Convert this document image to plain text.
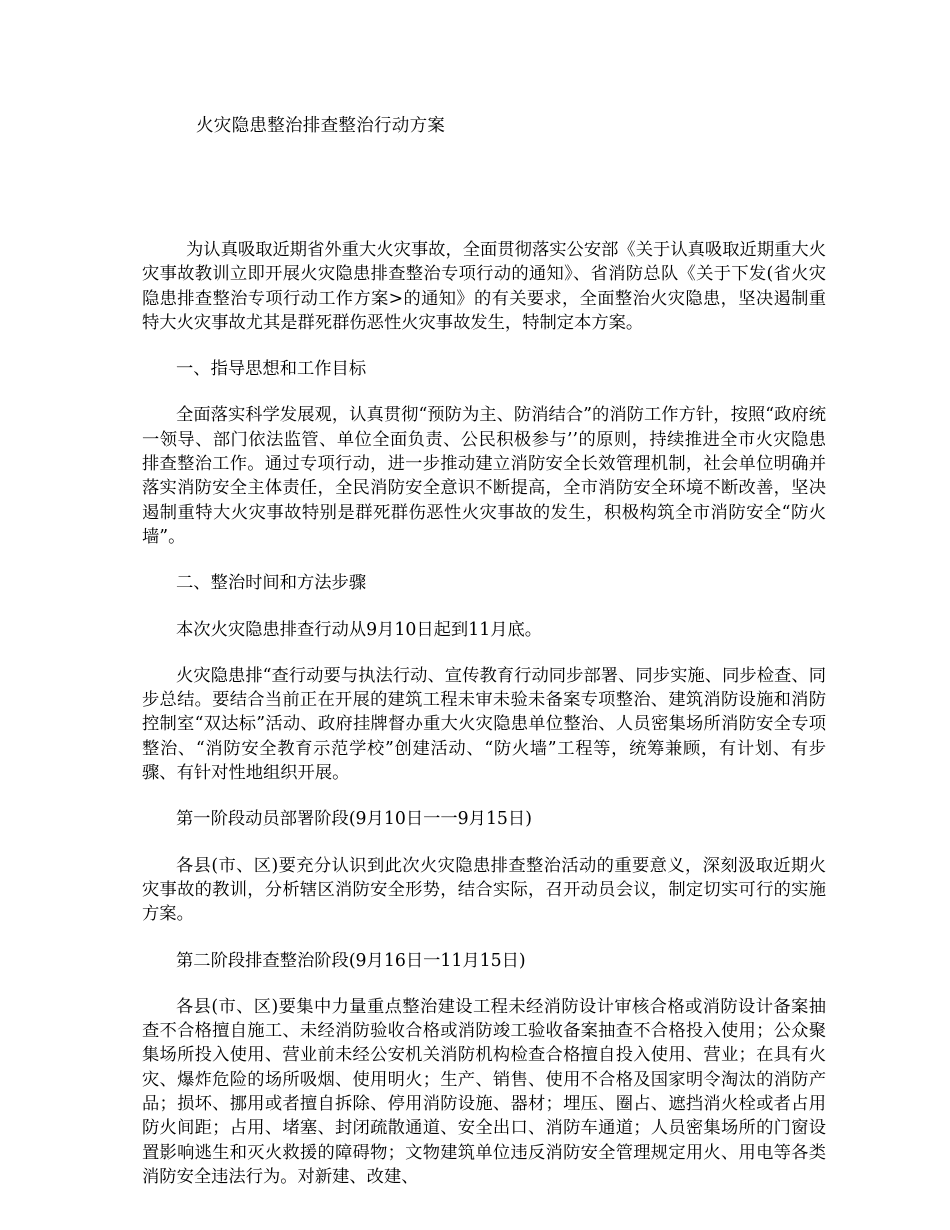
火灾隐患整治排查整治行动方案

为认真吸取近期省外重大火灾事故，全面贯彻落实公安部《关于认真吸取近期重大火灾事故教训立即开展火灾隐患排查整治专项行动的通知》、省消防总队《关于下发(省火灾隐患排查整治专项行动工作方案>的通知》的有关要求，全面整治火灾隐患，坚决遏制重特大火灾事故尤其是群死群伤恶性火灾事故发生，特制定本方案。

一、指导思想和工作目标

全面落实科学发展观，认真贯彻“预防为主、防消结合”的消防工作方针，按照“政府统一领导、部门依法监管、单位全面负责、公民积极参与’’的原则，持续推进全市火灾隐患排查整治工作。通过专项行动，进一步推动建立消防安全长效管理机制，社会单位明确并落实消防安全主体责任，全民消防安全意识不断提高，全市消防安全环境不断改善，坚决遏制重特大火灾事故特别是群死群伤恶性火灾事故的发生，积极构筑全市消防安全“防火墙”。

二、整治时间和方法步骤

本次火灾隐患排查行动从9月10日起到11月底。

火灾隐患排“查行动要与执法行动、宣传教育行动同步部署、同步实施、同步检查、同步总结。要结合当前正在开展的建筑工程未审未验未备案专项整治、建筑消防设施和消防控制室“双达标”活动、政府挂牌督办重大火灾隐患单位整治、人员密集场所消防安全专项整治、“消防安全教育示范学校”创建活动、“防火墙”工程等，统筹兼顾，有计划、有步骤、有针对性地组织开展。

第一阶段动员部署阶段(9月10日一一9月15日)

各县(市、区)要充分认识到此次火灾隐患排查整治活动的重要意义，深刻汲取近期火灾事故的教训，分析辖区消防安全形势，结合实际，召开动员会议，制定切实可行的实施方案。

第二阶段排查整治阶段(9月16日一11月15日)

各县(市、区)要集中力量重点整治建设工程未经消防设计审核合格或消防设计备案抽查不合格擅自施工、未经消防验收合格或消防竣工验收备案抽查不合格投入使用；公众聚集场所投入使用、营业前未经公安机关消防机构检查合格擅自投入使用、营业；在具有火灾、爆炸危险的场所吸烟、使用明火；生产、销售、使用不合格及国家明令淘汰的消防产品；损坏、挪用或者擅自拆除、停用消防设施、器材；埋压、圈占、遮挡消火栓或者占用防火间距；占用、堵塞、封闭疏散通道、安全出口、消防车通道；人员密集场所的门窗设置影响逃生和灭火救援的障碍物；文物建筑单位违反消防安全管理规定用火、用电等各类消防安全违法行为。对新建、改建、
